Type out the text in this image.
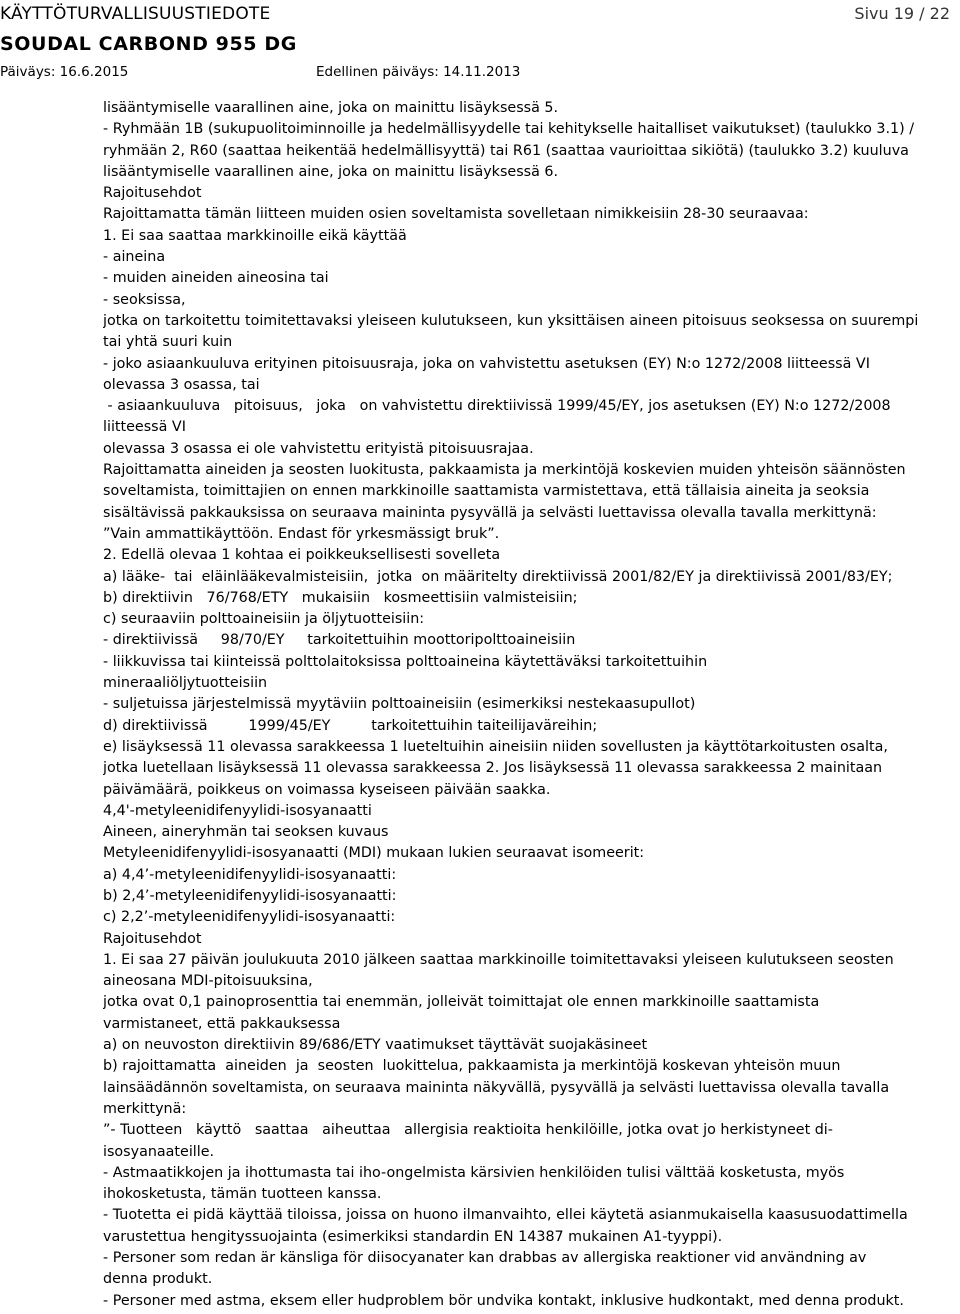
KÄYTTÖTURVALLISUUSTIEDOTE	Sivu 19 / 22
SOUDAL CARBOND 955 DG
Päiväys: 16.6.2015	Edellinen päiväys: 14.11.2013
lisääntymiselle vaarallinen aine, joka on mainittu lisäyksessä 5.
- Ryhmään 1B (sukupuolitoiminnoille ja hedelmällisyydelle tai kehitykselle haitalliset vaikutukset) (taulukko 3.1) /
ryhmään 2, R60 (saattaa heikentää hedelmällisyyttä) tai R61 (saattaa vaurioittaa sikiötä) (taulukko 3.2) kuuluva
lisääntymiselle vaarallinen aine, joka on mainittu lisäyksessä 6.
Rajoitusehdot
Rajoittamatta tämän liitteen muiden osien soveltamista sovelletaan nimikkeisiin 28-30 seuraavaa:
1. Ei saa saattaa markkinoille eikä käyttää
- aineina
- muiden aineiden aineosina tai
- seoksissa,
jotka on tarkoitettu toimitettavaksi yleiseen kulutukseen, kun yksittäisen aineen pitoisuus seoksessa on suurempi
tai yhtä suuri kuin
- joko asiaankuuluva erityinen pitoisuusraja, joka on vahvistettu asetuksen (EY) N:o 1272/2008 liitteessä VI
olevassa 3 osassa, tai
- asiaankuuluva   pitoisuus,   joka   on vahvistettu direktiivissä 1999/45/EY, jos asetuksen (EY) N:o 1272/2008
liitteessä VI
olevassa 3 osassa ei ole vahvistettu erityistä pitoisuusrajaa.
Rajoittamatta aineiden ja seosten luokitusta, pakkaamista ja merkintöjä koskevien muiden yhteisön säännösten
soveltamista, toimittajien on ennen markkinoille saattamista varmistettava, että tällaisia aineita ja seoksia
sisältävissä pakkauksissa on seuraava maininta pysyvällä ja selvästi luettavissa olevalla tavalla merkittynä:
”Vain ammattikäyttöön. Endast för yrkesmässigt bruk”.
2. Edellä olevaa 1 kohtaa ei poikkeuksellisesti sovelleta
a) lääke-  tai  eläinlääkevalmisteisiin,  jotka  on määritelty direktiivissä 2001/82/EY ja direktiivissä 2001/83/EY;
b) direktiivin   76/768/ETY   mukaisiin   kosmeettisiin valmisteisiin;
c) seuraaviin polttoaineisiin ja öljytuotteisiin:
- direktiivissä     98/70/EY     tarkoitettuihin moottoripolttoaineisiin
- liikkuvissa tai kiinteissä polttolaitoksissa polttoaineina käytettäväksi tarkoitettuihin
mineraaliöljytuotteisiin
- suljetuissa järjestelmissä myytäviin polttoaineisiin (esimerkiksi nestekaasupullot)
d) direktiivissä         1999/45/EY         tarkoitettuihin taiteilijaväreihin;
e) lisäyksessä 11 olevassa sarakkeessa 1 lueteltuihin aineisiin niiden sovellusten ja käyttötarkoitusten osalta,
jotka luetellaan lisäyksessä 11 olevassa sarakkeessa 2. Jos lisäyksessä 11 olevassa sarakkeessa 2 mainitaan
päivämäärä, poikkeus on voimassa kyseiseen päivään saakka.
4,4'-metyleenidifenyylidi-isosyanaatti
Aineen, aineryhmän tai seoksen kuvaus
Metyleenidifenyylidi-isosyanaatti (MDI) mukaan lukien seuraavat isomeerit:
a) 4,4’-metyleenidifenyylidi-isosyanaatti:
b) 2,4’-metyleenidifenyylidi-isosyanaatti:
c) 2,2’-metyleenidifenyylidi-isosyanaatti:
Rajoitusehdot
1. Ei saa 27 päivän joulukuuta 2010 jälkeen saattaa markkinoille toimitettavaksi yleiseen kulutukseen seosten
aineosana MDI-pitoisuuksina,
jotka ovat 0,1 painoprosenttia tai enemmän, jolleivät toimittajat ole ennen markkinoille saattamista
varmistaneet, että pakkauksessa
a) on neuvoston direktiivin 89/686/ETY vaatimukset täyttävät suojakäsineet
b) rajoittamatta  aineiden  ja  seosten  luokittelua, pakkaamista ja merkintöjä koskevan yhteisön muun
lainsäädännön soveltamista, on seuraava maininta näkyvällä, pysyvällä ja selvästi luettavissa olevalla tavalla
merkittynä:
”- Tuotteen   käyttö   saattaa   aiheuttaa   allergisia reaktioita henkilöille, jotka ovat jo herkistyneet di-
isosyanaateille.
- Astmaatikkojen ja ihottumasta tai iho-ongelmista kärsivien henkilöiden tulisi välttää kosketusta, myös
ihokosketusta, tämän tuotteen kanssa.
- Tuotetta ei pidä käyttää tiloissa, joissa on huono ilmanvaihto, ellei käytetä asianmukaisella kaasusuodattimella
varustettua hengityssuojainta (esimerkiksi standardin EN 14387 mukainen A1-tyyppi).
- Personer som redan är känsliga för diisocyanater kan drabbas av allergiska reaktioner vid användning av
denna produkt.
- Personer med astma, eksem eller hudproblem bör undvika kontakt, inklusive hudkontakt, med denna produkt.
